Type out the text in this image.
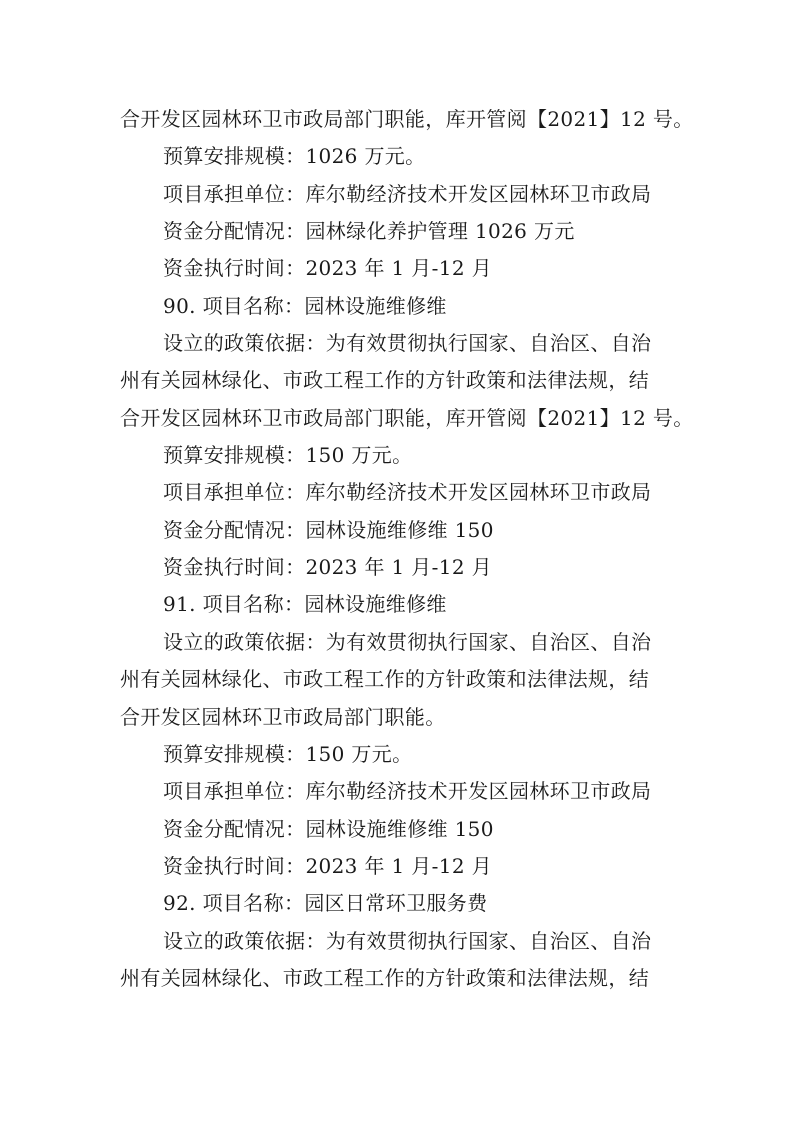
合开发区园林环卫市政局部门职能，库开管阅【2021】12 号。
预算安排规模：1026 万元。
项目承担单位：库尔勒经济技术开发区园林环卫市政局
资金分配情况：园林绿化养护管理 1026 万元
资金执行时间：2023 年 1 月-12 月
90. 项目名称：园林设施维修维
设立的政策依据：为有效贯彻执行国家、自治区、自治
州有关园林绿化、市政工程工作的方针政策和法律法规，结
合开发区园林环卫市政局部门职能，库开管阅【2021】12 号。
预算安排规模：150 万元。
项目承担单位：库尔勒经济技术开发区园林环卫市政局
资金分配情况：园林设施维修维 150
资金执行时间：2023 年 1 月-12 月
91. 项目名称：园林设施维修维
设立的政策依据：为有效贯彻执行国家、自治区、自治
州有关园林绿化、市政工程工作的方针政策和法律法规，结
合开发区园林环卫市政局部门职能。
预算安排规模：150 万元。
项目承担单位：库尔勒经济技术开发区园林环卫市政局
资金分配情况：园林设施维修维 150
资金执行时间：2023 年 1 月-12 月
92. 项目名称：园区日常环卫服务费
设立的政策依据：为有效贯彻执行国家、自治区、自治
州有关园林绿化、市政工程工作的方针政策和法律法规，结
